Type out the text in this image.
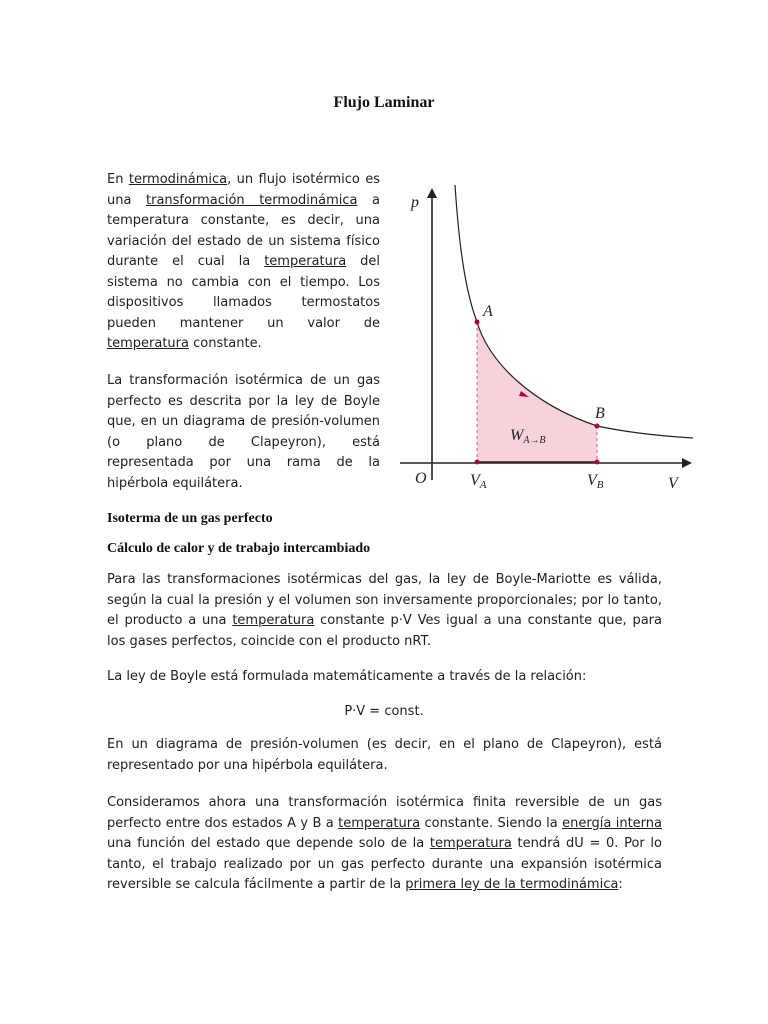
Flujo Laminar

En termodinámica, un flujo isotérmico es una transformación termodinámica a temperatura constante, es decir, una variación del estado de un sistema físico durante el cual la temperatura del sistema no cambia con el tiempo. Los dispositivos llamados termostatos pueden mantener un valor de temperatura constante.

La transformación isotérmica de un gas perfecto es descrita por la ley de Boyle que, en un diagrama de presión-volumen (o plano de Clapeyron), está representada por una rama de la hipérbola equilátera.

p
V
O
A
B
VA	VB
WA→B

Isoterma de un gas perfecto

Cálculo de calor y de trabajo intercambiado

Para las transformaciones isotérmicas del gas, la ley de Boyle-Mariotte es válida, según la cual la presión y el volumen son inversamente proporcionales; por lo tanto, el producto a una temperatura constante p·V Ves igual a una constante que, para los gases perfectos, coincide con el producto nRT.

La ley de Boyle está formulada matemáticamente a través de la relación:

P·V = const.

En un diagrama de presión-volumen (es decir, en el plano de Clapeyron), está representado por una hipérbola equilátera.

Consideramos ahora una transformación isotérmica finita reversible de un gas perfecto entre dos estados A y B a temperatura constante. Siendo la energía interna una función del estado que depende solo de la temperatura tendrá dU = 0. Por lo tanto, el trabajo realizado por un gas perfecto durante una expansión isotérmica reversible se calcula fácilmente a partir de la primera ley de la termodinámica:
